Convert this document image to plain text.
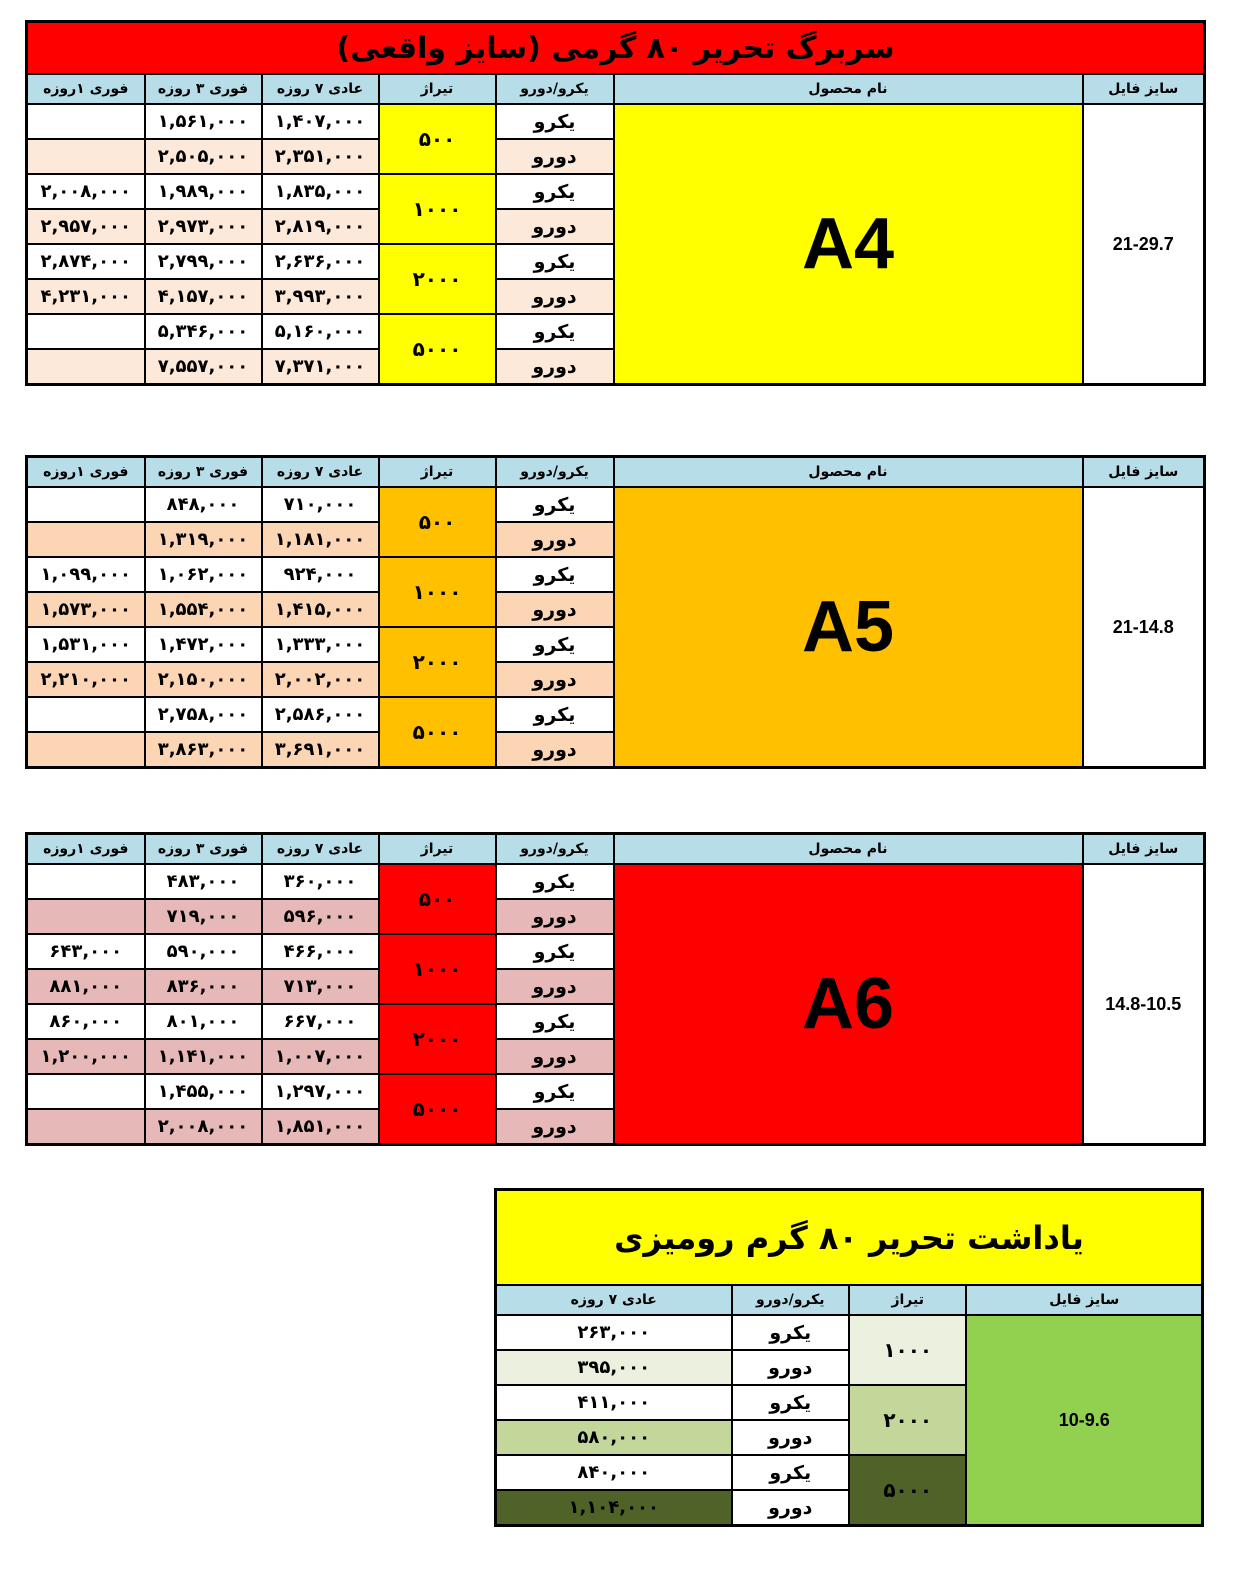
سربرگ تحریر ۸۰ گرمی (سایز واقعی)						
فوری ۱روزه	فوری ۳ روزه	عادی ۷ روزه	تیراژ	یکرو/دورو	نام محصول	سایز فایل
	۱,۵۶۱,۰۰۰	۱,۴۰۷,۰۰۰	۵۰۰	یکرو	A4	21-29.7
	۲,۵۰۵,۰۰۰	۲,۳۵۱,۰۰۰		دورو		
۲,۰۰۸,۰۰۰	۱,۹۸۹,۰۰۰	۱,۸۳۵,۰۰۰	۱۰۰۰	یکرو		
۲,۹۵۷,۰۰۰	۲,۹۷۳,۰۰۰	۲,۸۱۹,۰۰۰		دورو		
۲,۸۷۴,۰۰۰	۲,۷۹۹,۰۰۰	۲,۶۳۶,۰۰۰	۲۰۰۰	یکرو		
۴,۲۳۱,۰۰۰	۴,۱۵۷,۰۰۰	۳,۹۹۳,۰۰۰		دورو		
	۵,۳۴۶,۰۰۰	۵,۱۶۰,۰۰۰	۵۰۰۰	یکرو		
	۷,۵۵۷,۰۰۰	۷,۳۷۱,۰۰۰		دورو		
فوری ۱روزه	فوری ۳ روزه	عادی ۷ روزه	تیراژ	یکرو/دورو	نام محصول	سایز فایل
	۸۴۸,۰۰۰	۷۱۰,۰۰۰	۵۰۰	یکرو	A5	21-14.8
	۱,۳۱۹,۰۰۰	۱,۱۸۱,۰۰۰		دورو		
۱,۰۹۹,۰۰۰	۱,۰۶۲,۰۰۰	۹۲۴,۰۰۰	۱۰۰۰	یکرو		
۱,۵۷۳,۰۰۰	۱,۵۵۴,۰۰۰	۱,۴۱۵,۰۰۰		دورو		
۱,۵۳۱,۰۰۰	۱,۴۷۲,۰۰۰	۱,۳۳۳,۰۰۰	۲۰۰۰	یکرو		
۲,۲۱۰,۰۰۰	۲,۱۵۰,۰۰۰	۲,۰۰۲,۰۰۰		دورو		
	۲,۷۵۸,۰۰۰	۲,۵۸۶,۰۰۰	۵۰۰۰	یکرو		
	۳,۸۶۳,۰۰۰	۳,۶۹۱,۰۰۰		دورو		
فوری ۱روزه	فوری ۳ روزه	عادی ۷ روزه	تیراژ	یکرو/دورو	نام محصول	سایز فایل
	۴۸۳,۰۰۰	۳۶۰,۰۰۰	۵۰۰	یکرو	A6	14.8-10.5
	۷۱۹,۰۰۰	۵۹۶,۰۰۰		دورو		
۶۴۳,۰۰۰	۵۹۰,۰۰۰	۴۶۶,۰۰۰	۱۰۰۰	یکرو		
۸۸۱,۰۰۰	۸۳۶,۰۰۰	۷۱۳,۰۰۰		دورو		
۸۶۰,۰۰۰	۸۰۱,۰۰۰	۶۶۷,۰۰۰	۲۰۰۰	یکرو		
۱,۲۰۰,۰۰۰	۱,۱۴۱,۰۰۰	۱,۰۰۷,۰۰۰		دورو		
	۱,۴۵۵,۰۰۰	۱,۲۹۷,۰۰۰	۵۰۰۰	یکرو		
	۲,۰۰۸,۰۰۰	۱,۸۵۱,۰۰۰		دورو		
یاداشت تحریر ۸۰ گرم رومیزی			
عادی ۷ روزه	یکرو/دورو	تیراژ	سایز فایل
۲۶۳,۰۰۰	یکرو	۱۰۰۰	10-9.6
۳۹۵,۰۰۰	دورو		
۴۱۱,۰۰۰	یکرو	۲۰۰۰	
۵۸۰,۰۰۰	دورو		
۸۴۰,۰۰۰	یکرو	۵۰۰۰	
۱,۱۰۴,۰۰۰	دورو		
